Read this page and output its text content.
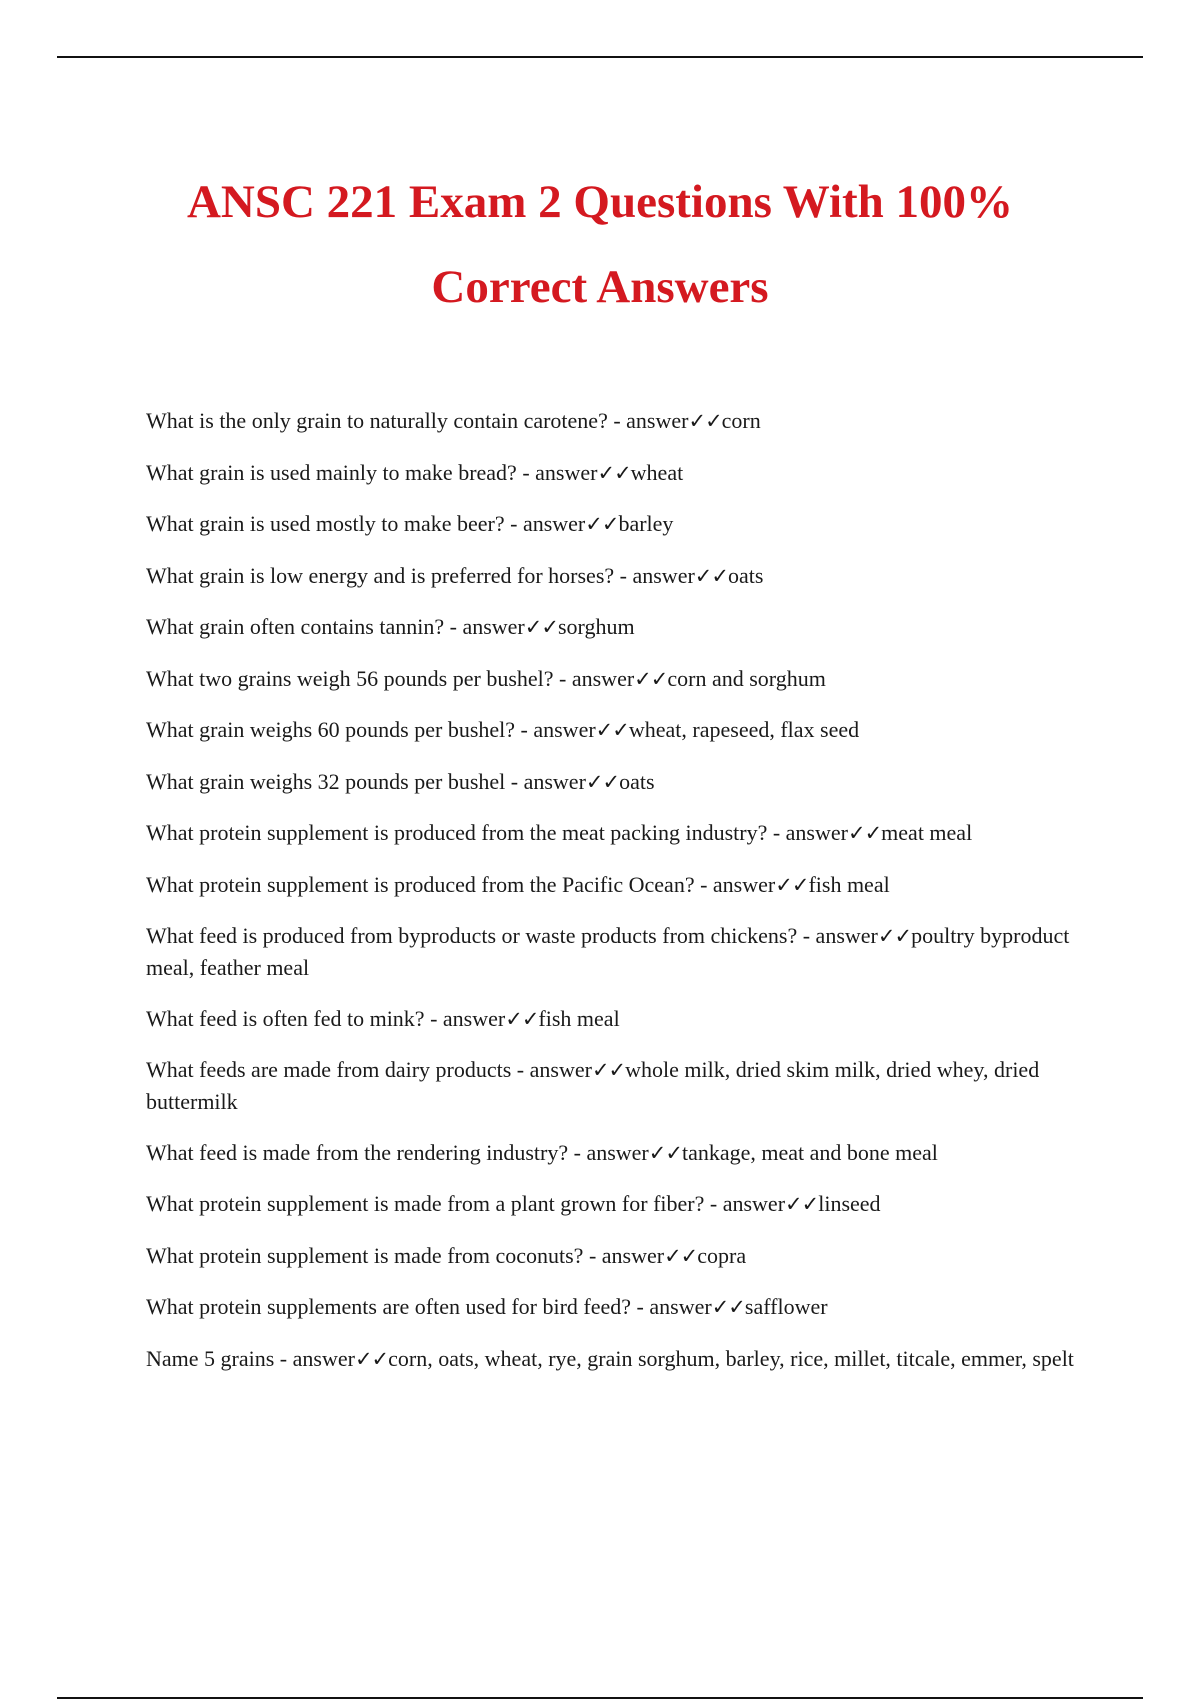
ANSC 221 Exam 2 Questions With 100%
Correct Answers
What is the only grain to naturally contain carotene? - answer✓✓corn
What grain is used mainly to make bread? - answer✓✓wheat
What grain is used mostly to make beer? - answer✓✓barley
What grain is low energy and is preferred for horses? - answer✓✓oats
What grain often contains tannin? - answer✓✓sorghum
What two grains weigh 56 pounds per bushel? - answer✓✓corn and sorghum
What grain weighs 60 pounds per bushel? - answer✓✓wheat, rapeseed, flax seed
What grain weighs 32 pounds per bushel - answer✓✓oats
What protein supplement is produced from the meat packing industry? - answer✓✓meat meal
What protein supplement is produced from the Pacific Ocean? - answer✓✓fish meal
What feed is produced from byproducts or waste products from chickens? - answer✓✓poultry byproduct meal, feather meal
What feed is often fed to mink? - answer✓✓fish meal
What feeds are made from dairy products - answer✓✓whole milk, dried skim milk, dried whey, dried buttermilk
What feed is made from the rendering industry? - answer✓✓tankage, meat and bone meal
What protein supplement is made from a plant grown for fiber? - answer✓✓linseed
What protein supplement is made from coconuts? - answer✓✓copra
What protein supplements are often used for bird feed? - answer✓✓safflower
Name 5 grains - answer✓✓corn, oats, wheat, rye, grain sorghum, barley, rice, millet, titcale, emmer, spelt
